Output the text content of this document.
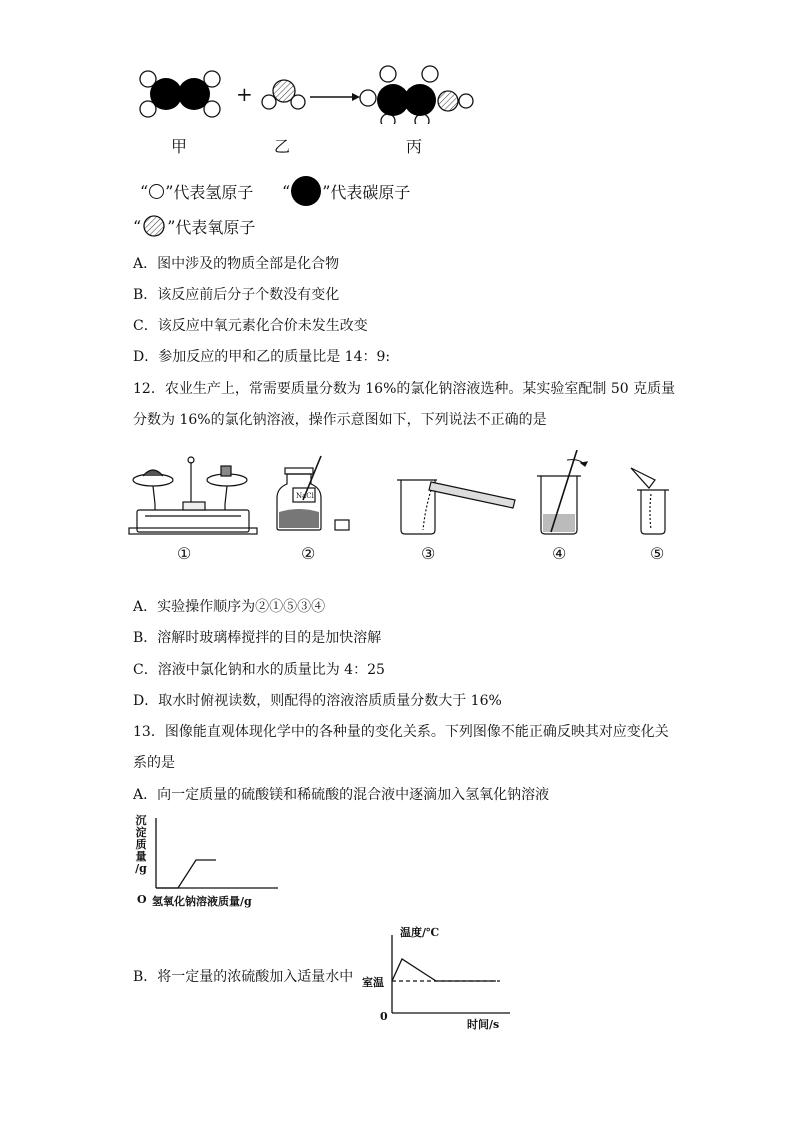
+
甲	乙	丙
“ ” 代表氢原子 “ ” 代表碳原子
“ ” 代表氧原子
A．图中涉及的物质全部是化合物
B．该反应前后分子个数没有变化
C．该反应中氧元素化合价未发生改变
D．参加反应的甲和乙的质量比是 14：9:
12．农业生产上，常需要质量分数为 16%的氯化钠溶液选种。某实验室配制 50 克质量
分数为 16%的氯化钠溶液，操作示意图如下，下列说法不正确的是
NaCl
①	②	③	④	⑤
A．实验操作顺序为②①⑤③④
B．溶解时玻璃棒搅拌的目的是加快溶解
C．溶液中氯化钠和水的质量比为 4：25
D．取水时俯视读数，则配得的溶液溶质质量分数大于 16%
13．图像能直观体现化学中的各种量的变化关系。下列图像不能正确反映其对应变化关
系的是
A．向一定质量的硫酸镁和稀硫酸的混合液中逐滴加入氢氧化钠溶液
沉
淀
质
量
/g
O 氢氧化钠溶液质量/g
B．将一定量的浓硫酸加入适量水中
温度/℃
室温
0
时间/s
